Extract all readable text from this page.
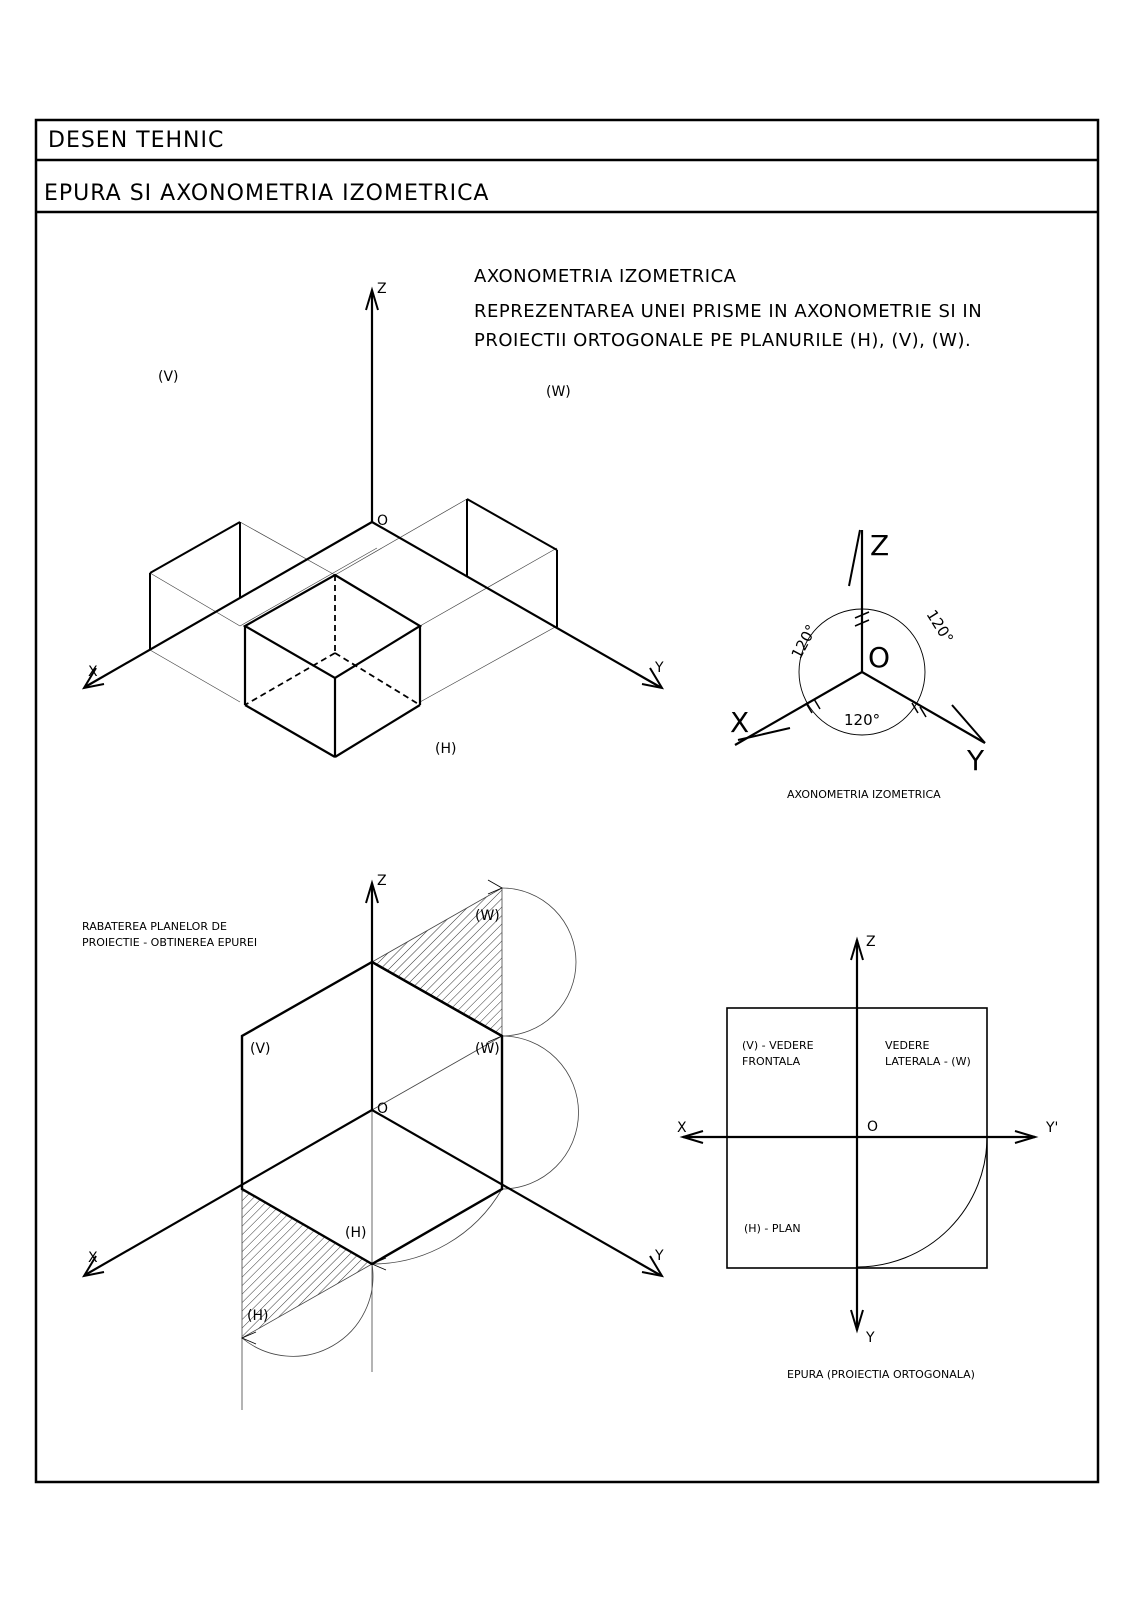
DESEN TEHNIC
EPURA SI AXONOMETRIA IZOMETRICA
AXONOMETRIA IZOMETRICA
REPREZENTAREA UNEI PRISME IN AXONOMETRIE SI IN
PROIECTII ORTOGONALE PE PLANURILE (H), (V), (W).
Z
X	Y
O
(V)
(W)
(H)
Z
X
Y
O
120°	120°
120°
AXONOMETRIA IZOMETRICA
RABATEREA PLANELOR DE
PROIECTIE - OBTINEREA EPUREI
Z
X	Y
O
(V)
(W)
(W)
(H)
(H)
Z
X	Y'
Y
O
(V) - VEDERE
FRONTALA
VEDERE
LATERALA - (W)
(H) - PLAN
EPURA (PROIECTIA ORTOGONALA)
